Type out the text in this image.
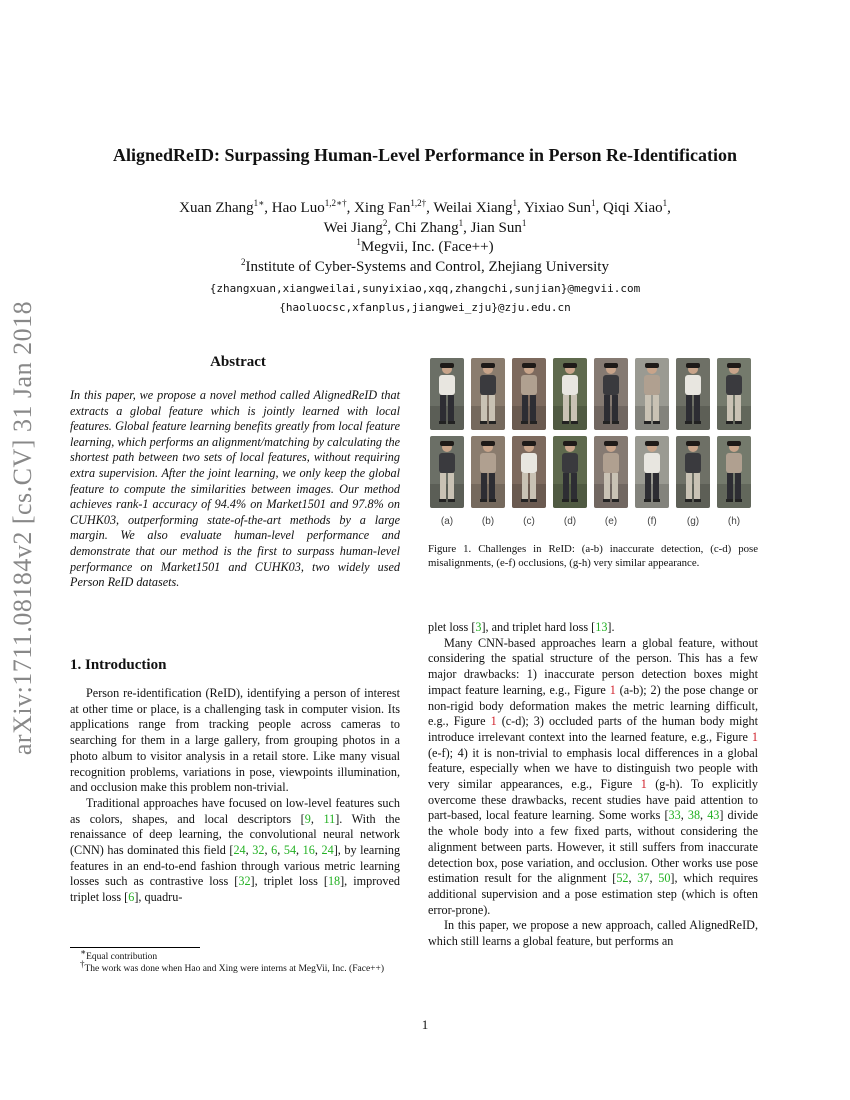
arXiv:1711.08184v2 [cs.CV] 31 Jan 2018
AlignedReID: Surpassing Human-Level Performance in Person Re-Identification
Xuan Zhang$^{1∗}$, Hao Luo$^{1,2∗\dagger}$, Xing Fan$^{1,2\dagger}$, Weilai Xiang$^1$, Yixiao Sun$^1$, Qiqi Xiao$^1$,
Wei Jiang$^2$, Chi Zhang$^1$, Jian Sun$^1$
$^1$Megvii, Inc. (Face++)
$^2$Institute of Cyber-Systems and Control, Zhejiang University
{zhangxuan,xiangweilai,sunyixiao,xqq,zhangchi,sunjian}@megvii.com
{haoluocsc,xfanplus,jiangwei_zju}@zju.edu.cn
Abstract
In this paper, we propose a novel method called AlignedReID that extracts a global feature which is jointly learned with local features. Global feature learning benefits greatly from local feature learning, which performs an alignment/matching by calculating the shortest path between two sets of local features, without requiring extra supervision. After the joint learning, we only keep the global feature to compute the similarities between images. Our method achieves rank-1 accuracy of 94.4% on Market1501 and 97.8% on CUHK03, outperforming state-of-the-art methods by a large margin. We also evaluate human-level performance and demonstrate that our method is the first to surpass human-level performance on Market1501 and CUHK03, two widely used Person ReID datasets.
1. Introduction

Person re-identification (ReID), identifying a person of interest at other time or place, is a challenging task in computer vision. Its applications range from tracking people across cameras to searching for them in a large gallery, from grouping photos in a photo album to visitor analysis in a retail store. Like many visual recognition problems, variations in pose, viewpoints illumination, and occlusion make this problem non-trivial.

Traditional approaches have focused on low-level features such as colors, shapes, and local descriptors [9, 11]. With the renaissance of deep learning, the convolutional neural network (CNN) has dominated this field [24, 32, 6, 54, 16, 24], by learning features in an end-to-end fashion through various metric learning losses such as contrastive loss [32], triplet loss [18], improved triplet loss [6], quadru-

∗Equal contribution
†The work was done when Hao and Xing were interns at MegVii, Inc. (Face++)
(a)	(b)	(c)	(d)	(e)	(f)	(g)	(h)
Figure 1. Challenges in ReID: (a-b) inaccurate detection, (c-d) pose misalignments, (e-f) occlusions, (g-h) very similar appearance.

plet loss [3], and triplet hard loss [13].

Many CNN-based approaches learn a global feature, without considering the spatial structure of the person. This has a few major drawbacks: 1) inaccurate person detection boxes might impact feature learning, e.g., Figure 1 (a-b); 2) the pose change or non-rigid body deformation makes the metric learning difficult, e.g., Figure 1 (c-d); 3) occluded parts of the human body might introduce irrelevant context into the learned feature, e.g., Figure 1 (e-f); 4) it is non-trivial to emphasis local differences in a global feature, especially when we have to distinguish two people with very similar appearances, e.g., Figure 1 (g-h). To explicitly overcome these drawbacks, recent studies have paid attention to part-based, local feature learning. Some works [33, 38, 43] divide the whole body into a few fixed parts, without considering the alignment between parts. However, it still suffers from inaccurate detection box, pose variation, and occlusion. Other works use pose estimation result for the alignment [52, 37, 50], which requires additional supervision and a pose estimation step (which is often error-prone).

In this paper, we propose a new approach, called AlignedReID, which still learns a global feature, but performs an

1
